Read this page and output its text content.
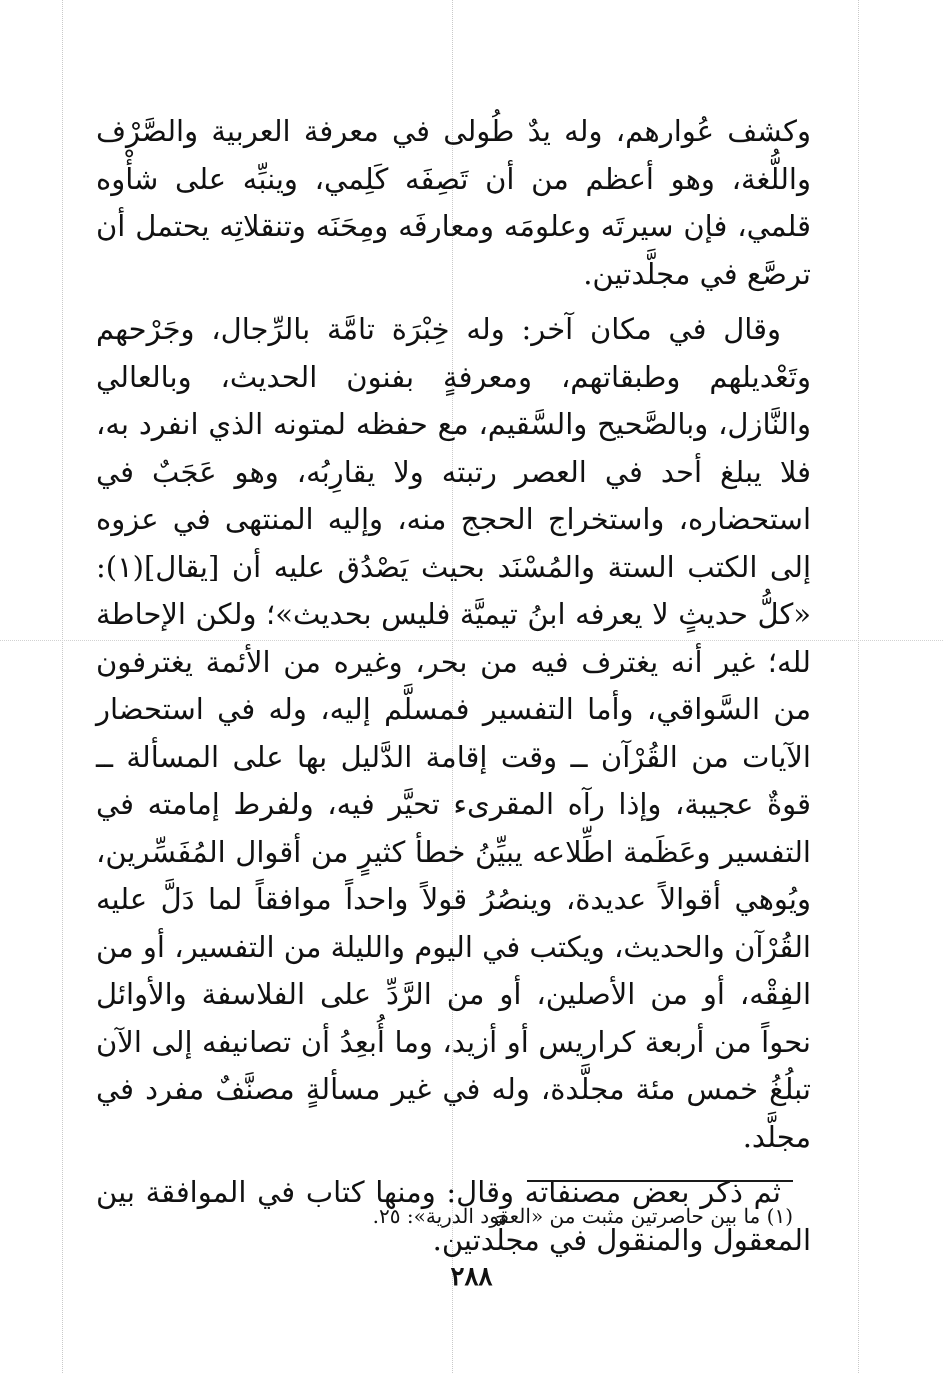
وكشف عُوارهم، وله يدٌ طُولى في معرفة العربية والصَّرْف واللُّغة، وهو أعظم من أن تَصِفَه كَلِمي، وينبِّه على شأْوه قلمي، فإن سيرتَه وعلومَه ومعارفَه ومِحَنَه وتنقلاتِه يحتمل أن ترصَّع في مجلَّدتين.

وقال في مكان آخر: وله خِبْرَة تامَّة بالرِّجال، وجَرْحهم وتَعْديلهم وطبقاتهم، ومعرفةٍ بفنون الحديث، وبالعالي والنَّازل، وبالصَّحيح والسَّقيم، مع حفظه لمتونه الذي انفرد به، فلا يبلغ أحد في العصر رتبته ولا يقارِبُه، وهو عَجَبٌ في استحضاره، واستخراج الحجج منه، وإليه المنتهى في عزوه إلى الكتب الستة والمُسْنَد بحيث يَصْدُق عليه أن [يقال](١): «كلُّ حديثٍ لا يعرفه ابنُ تيميَّة فليس بحديث»؛ ولكن الإحاطة لله؛ غير أنه يغترف فيه من بحر، وغيره من الأئمة يغترفون من السَّواقي، وأما التفسير فمسلَّم إليه، وله في استحضار الآيات من القُرْآن ــ وقت إقامة الدَّليل بها على المسألة ــ قوةٌ عجيبة، وإذا رآه المقرىء تحيَّر فيه، ولفرط إمامته في التفسير وعَظَمة اطِّلاعه يبيِّنُ خطأ كثيرٍ من أقوال المُفَسِّرين، ويُوهي أقوالاً عديدة، وينصُرُ قولاً واحداً موافقاً لما دَلَّ عليه القُرْآن والحديث، ويكتب في اليوم والليلة من التفسير، أو من الفِقْه، أو من الأصلين، أو من الرَّدِّ على الفلاسفة والأوائل نحواً من أربعة كراريس أو أزيد، وما أُبعِدُ أن تصانيفه إلى الآن تبلُغُ خمس مئة مجلَّدة، وله في غير مسألةٍ مصنَّفٌ مفرد في مجلَّد.

ثم ذكر بعض مصنفاته وقال: ومنها كتاب في الموافقة بين المعقول والمنقول في مجلَّدتين.

(١) ما بين حاصرتين مثبت من «العقود الدرية»: ٢٥.
٢٨٨
